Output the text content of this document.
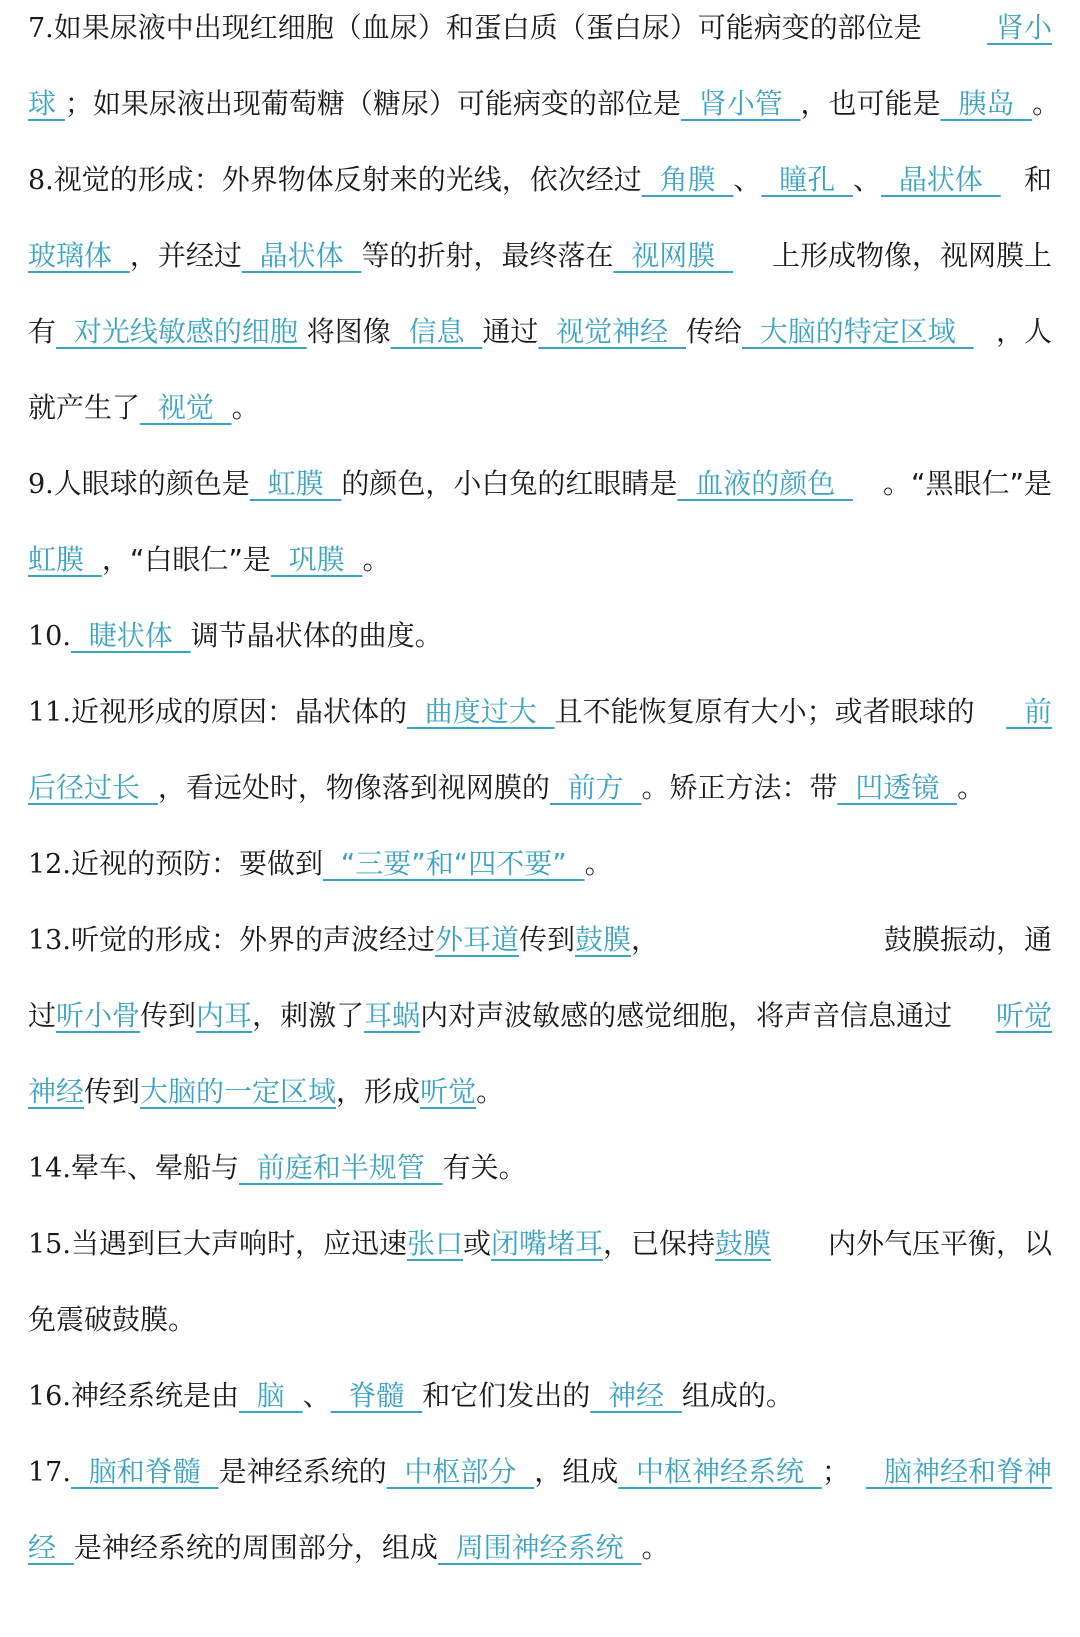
7.如果尿液中出现红细胞（血尿）和蛋白质（蛋白尿）可能病变的部位是 肾小
球 ；如果尿液出现葡萄糖（糖尿）可能病变的部位是  肾小管  ，也可能是  胰岛  。
8.视觉的形成：外界物体反射来的光线，依次经过  角膜  、  瞳孔  、  晶状体 和
玻璃体  ，并经过  晶状体  等的折射，最终落在  视网膜 上形成物像，视网膜上
有  对光线敏感的细胞 将图像  信息  通过  视觉神经  传给  大脑的特定区域 ，人
就产生了  视觉  。
9.人眼球的颜色是  虹膜  的颜色，小白兔的红眼睛是  血液的颜色 。“黑眼仁”是
虹膜  ，“白眼仁”是  巩膜  。
10.  睫状体  调节晶状体的曲度。
11.近视形成的原因：晶状体的  曲度过大  且不能恢复原有大小；或者眼球的 前
后径过长  ，看远处时，物像落到视网膜的  前方  。矫正方法：带  凹透镜  。
12.近视的预防：要做到  “三要”和“四不要”  。
13.听觉的形成：外界的声波经过外耳道传到鼓膜，	鼓膜振动，通
过听小骨传到内耳，刺激了耳蜗内对声波敏感的感觉细胞，将声音信息通过 听觉
神经传到大脑的一定区域，形成听觉。
14.晕车、晕船与  前庭和半规管  有关。
15.当遇到巨大声响时，应迅速张口或闭嘴堵耳，已保持鼓膜 内外气压平衡，以
免震破鼓膜。
16.神经系统是由  脑  、  脊髓  和它们发出的  神经  组成的。
17.  脑和脊髓  是神经系统的  中枢部分  ，组成  中枢神经系统  ； 脑神经和脊神
经  是神经系统的周围部分，组成  周围神经系统  。
